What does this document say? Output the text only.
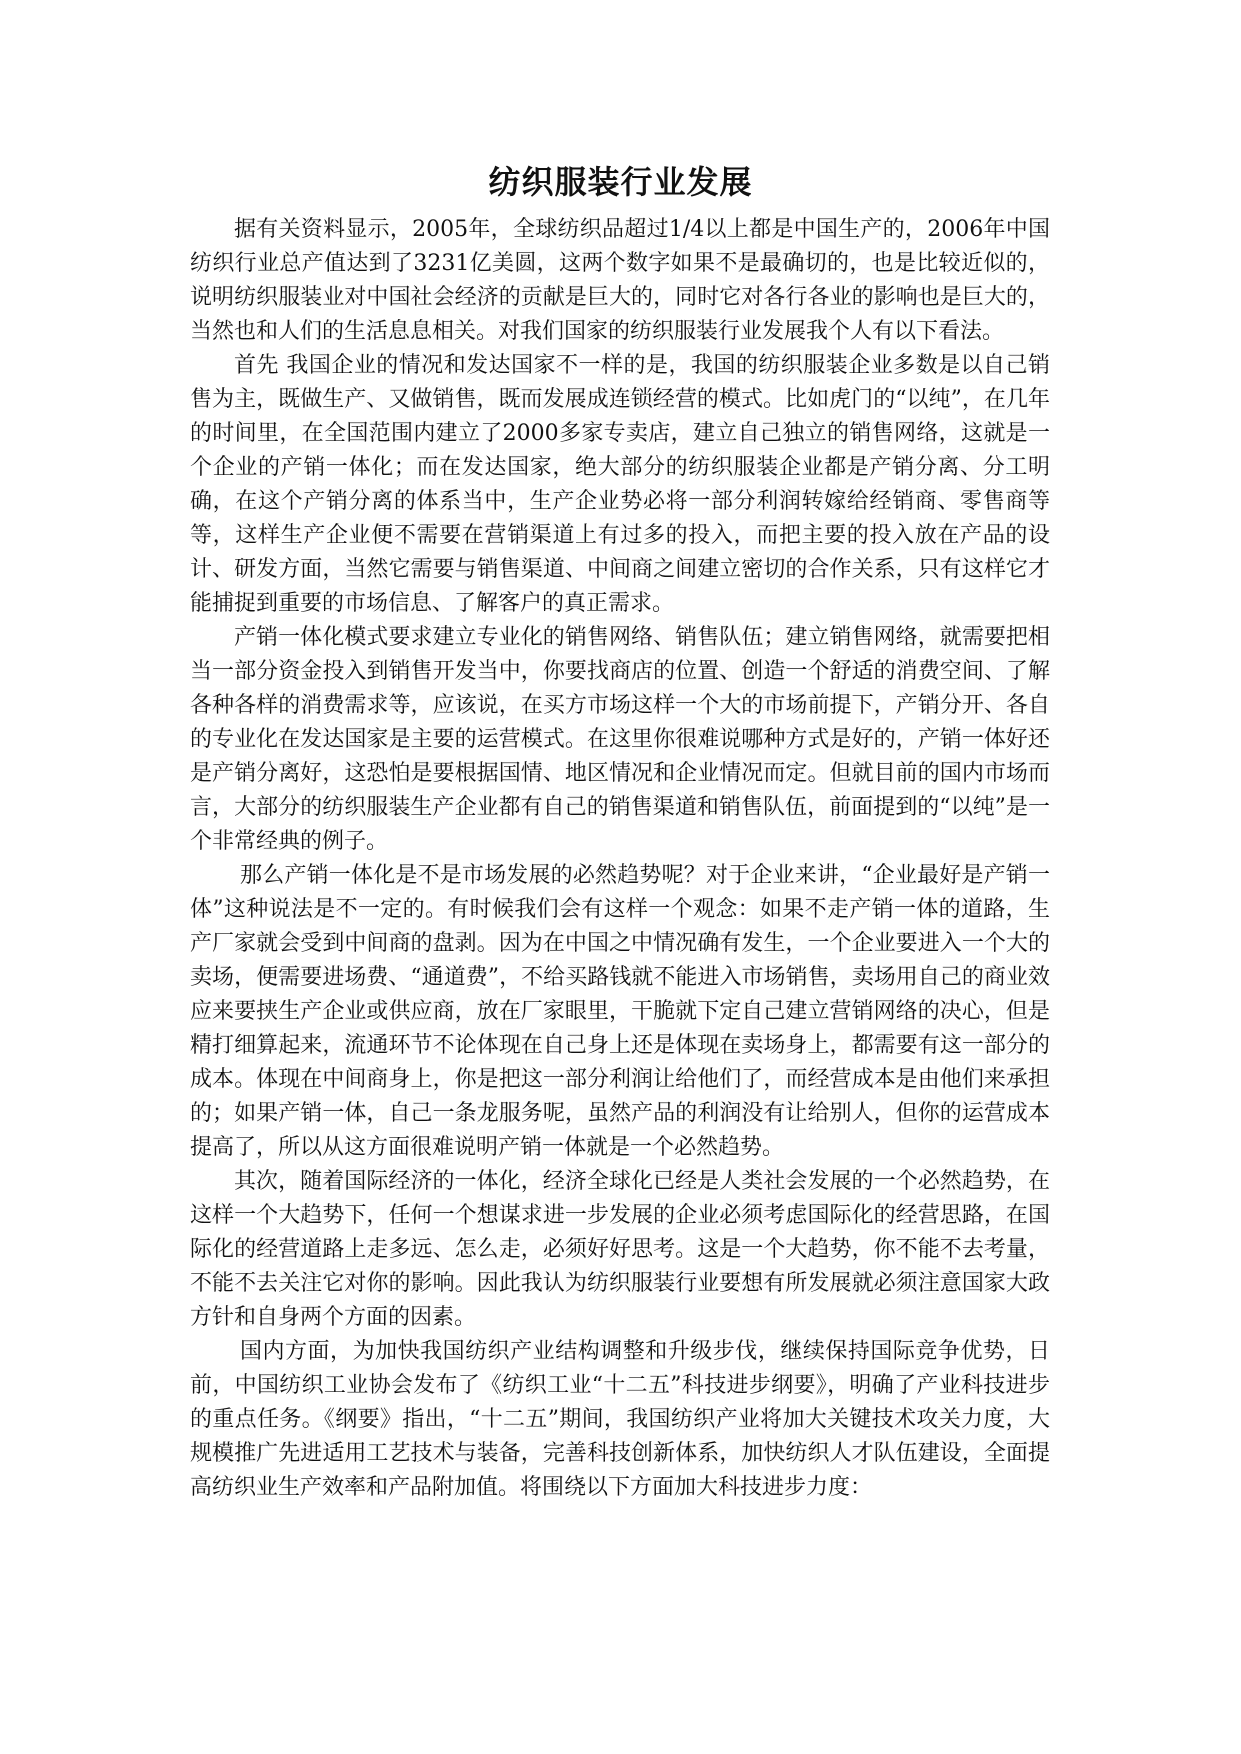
纺织服装行业发展

据有关资料显示，2005年，全球纺织品超过1/4以上都是中国生产的，2006年中国纺织行业总产值达到了3231亿美圆，这两个数字如果不是最确切的，也是比较近似的，说明纺织服装业对中国社会经济的贡献是巨大的，同时它对各行各业的影响也是巨大的，当然也和人们的生活息息相关。对我们国家的纺织服装行业发展我个人有以下看法。

首先 我国企业的情况和发达国家不一样的是，我国的纺织服装企业多数是以自己销售为主，既做生产、又做销售，既而发展成连锁经营的模式。比如虎门的“以纯”，在几年的时间里，在全国范围内建立了2000多家专卖店，建立自己独立的销售网络，这就是一个企业的产销一体化；而在发达国家，绝大部分的纺织服装企业都是产销分离、分工明确，在这个产销分离的体系当中，生产企业势必将一部分利润转嫁给经销商、零售商等等，这样生产企业便不需要在营销渠道上有过多的投入，而把主要的投入放在产品的设计、研发方面，当然它需要与销售渠道、中间商之间建立密切的合作关系，只有这样它才能捕捉到重要的市场信息、了解客户的真正需求。

产销一体化模式要求建立专业化的销售网络、销售队伍；建立销售网络，就需要把相当一部分资金投入到销售开发当中，你要找商店的位置、创造一个舒适的消费空间、了解各种各样的消费需求等，应该说，在买方市场这样一个大的市场前提下，产销分开、各自的专业化在发达国家是主要的运营模式。在这里你很难说哪种方式是好的，产销一体好还是产销分离好，这恐怕是要根据国情、地区情况和企业情况而定。但就目前的国内市场而言，大部分的纺织服装生产企业都有自己的销售渠道和销售队伍，前面提到的“以纯”是一个非常经典的例子。

那么产销一体化是不是市场发展的必然趋势呢？对于企业来讲，“企业最好是产销一体”这种说法是不一定的。有时候我们会有这样一个观念：如果不走产销一体的道路，生产厂家就会受到中间商的盘剥。因为在中国之中情况确有发生，一个企业要进入一个大的卖场，便需要进场费、“通道费”，不给买路钱就不能进入市场销售，卖场用自己的商业效应来要挟生产企业或供应商，放在厂家眼里，干脆就下定自己建立营销网络的决心，但是精打细算起来，流通环节不论体现在自己身上还是体现在卖场身上，都需要有这一部分的成本。体现在中间商身上，你是把这一部分利润让给他们了，而经营成本是由他们来承担的；如果产销一体，自己一条龙服务呢，虽然产品的利润没有让给别人，但你的运营成本提高了，所以从这方面很难说明产销一体就是一个必然趋势。

其次，随着国际经济的一体化，经济全球化已经是人类社会发展的一个必然趋势，在这样一个大趋势下，任何一个想谋求进一步发展的企业必须考虑国际化的经营思路，在国际化的经营道路上走多远、怎么走，必须好好思考。这是一个大趋势，你不能不去考量，不能不去关注它对你的影响。因此我认为纺织服装行业要想有所发展就必须注意国家大政方针和自身两个方面的因素。

国内方面，为加快我国纺织产业结构调整和升级步伐，继续保持国际竞争优势，日前，中国纺织工业协会发布了《纺织工业“十二五”科技进步纲要》，明确了产业科技进步的重点任务。《纲要》指出，“十二五”期间，我国纺织产业将加大关键技术攻关力度，大规模推广先进适用工艺技术与装备，完善科技创新体系，加快纺织人才队伍建设，全面提高纺织业生产效率和产品附加值。将围绕以下方面加大科技进步力度：
